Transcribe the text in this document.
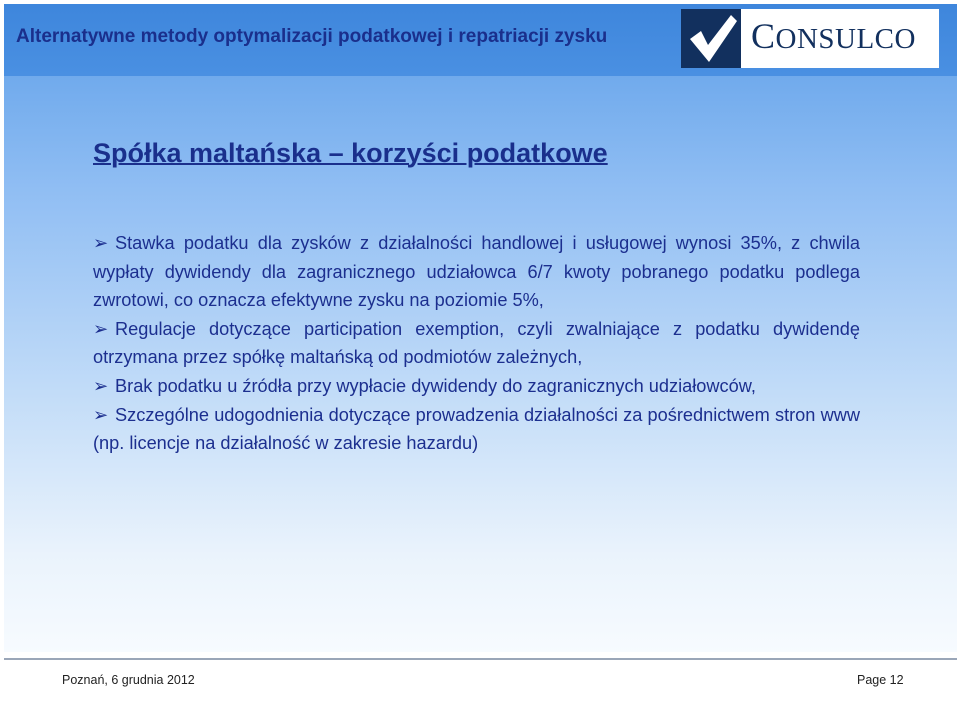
Alternatywne metody optymalizacji podatkowej i repatriacji zysku	CONSULCO
Spółka maltańska – korzyści podatkowe

➢ Stawka podatku dla zysków z działalności handlowej i usługowej wynosi 35%, z chwila wypłaty dywidendy dla zagranicznego udziałowca 6/7 kwoty pobranego podatku podlega zwrotowi, co oznacza efektywne zysku na poziomie 5%,

➢ Regulacje dotyczące participation exemption, czyli zwalniające z podatku dywidendę otrzymana przez spółkę maltańską od podmiotów zależnych,

➢ Brak podatku u źródła przy wypłacie dywidendy do zagranicznych udziałowców,

➢ Szczególne udogodnienia dotyczące prowadzenia działalności za pośrednictwem stron www (np. licencje na działalność w zakresie hazardu)

Poznań, 6 grudnia 2012	Page 12
